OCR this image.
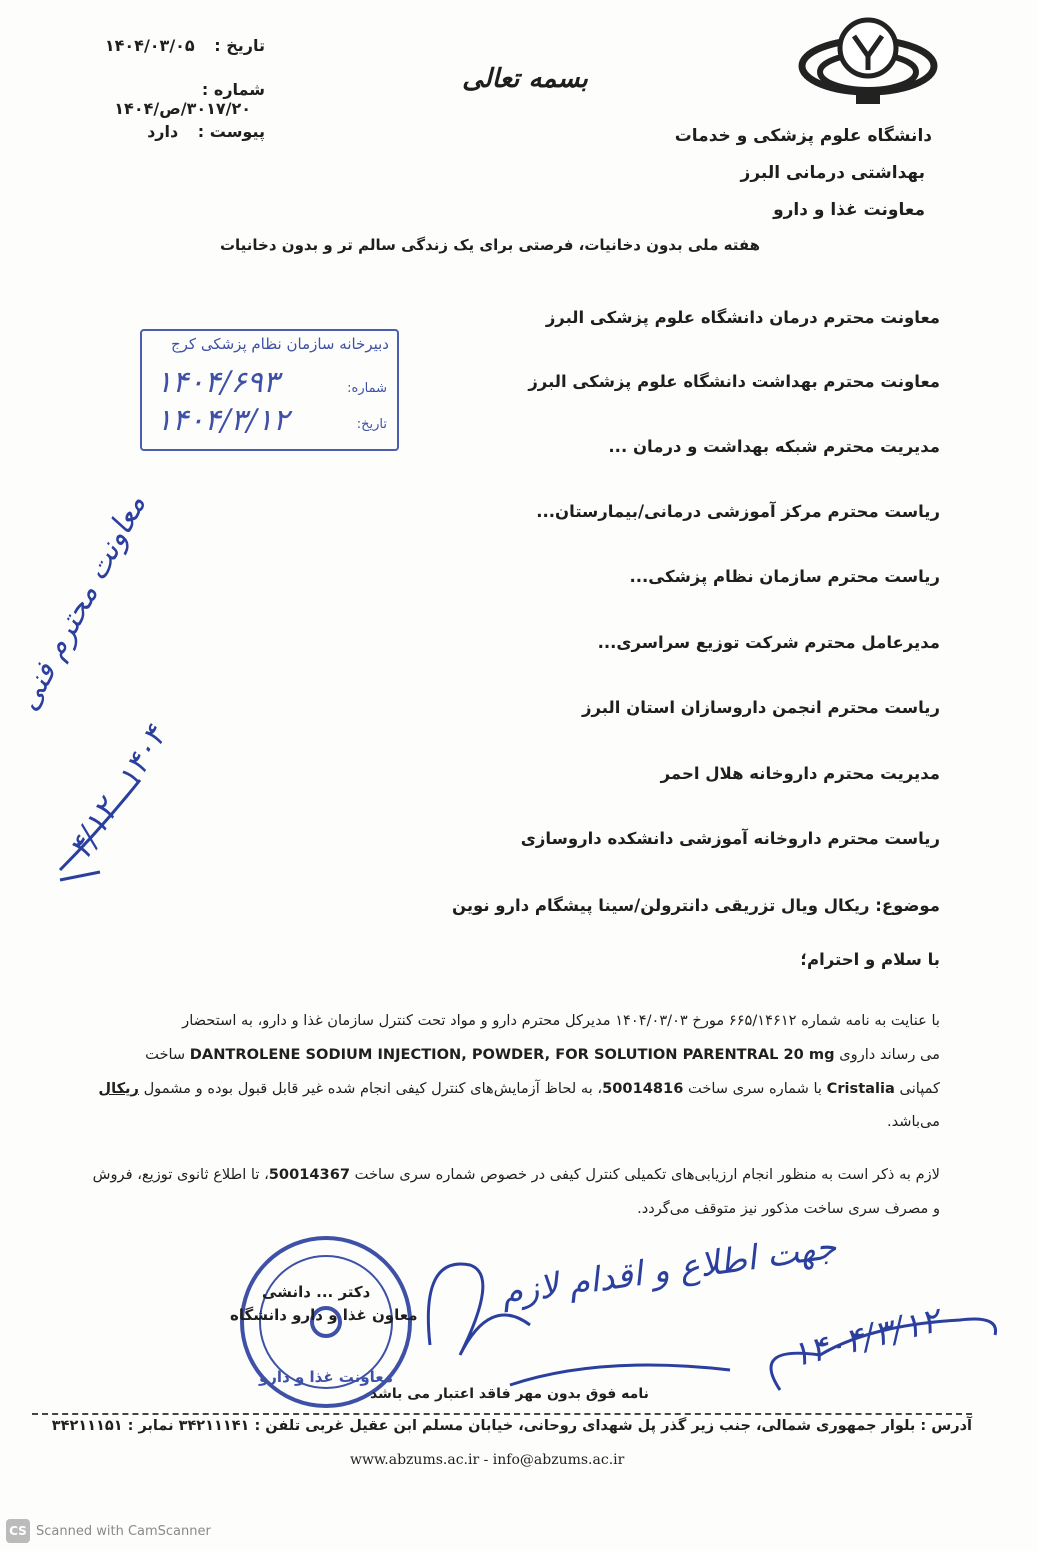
تاریخ : ۱۴۰۴/۰۳/۰۵
شماره : ۳۰۱۷/۲۰/ص/۱۴۰۴
پیوست : دارد
بسمه تعالی
دانشگاه علوم پزشکی و خدمات
بهداشتی درمانی البرز
معاونت غذا و دارو
هفته ملی بدون دخانیات، فرصتی برای یک زندگی سالم تر و بدون دخانیات
معاونت محترم درمان دانشگاه علوم پزشکی البرز
معاونت محترم بهداشت دانشگاه علوم پزشکی البرز
مدیریت محترم شبکه بهداشت و درمان ...
ریاست محترم مرکز آموزشی درمانی/بیمارستان...
ریاست محترم سازمان نظام پزشکی...
مدیرعامل محترم شرکت توزیع سراسری...
ریاست محترم انجمن داروسازان استان البرز
مدیریت محترم داروخانه هلال احمر
ریاست محترم داروخانه آموزشی دانشکده داروسازی
دبیرخانه سازمان نظام پزشکی کرج
شماره:
۱۴۰۴/۶۹۳
تاریخ:
۱۴۰۴/۳/۱۲
معاونت محترم فنی
۱۴۰۴
۴/۱۲
موضوع: ریکال ویال تزریقی دانترولن/سینا پیشگام دارو نوین
با سلام و احترام؛
با عنایت به نامه شماره ۶۶۵/۱۴۶۱۲ مورخ ۱۴۰۴/۰۳/۰۳ مدیرکل محترم دارو و مواد تحت کنترل سازمان غذا و دارو، به استحضار
می رساند داروی DANTROLENE SODIUM INJECTION, POWDER, FOR SOLUTION PARENTRAL 20 mg ساخت
کمپانی Cristalia با شماره سری ساخت 50014816، به لحاظ آزمایش‌های کنترل کیفی انجام شده غیر قابل قبول بوده و مشمول ریکال
می‌باشد.
لازم به ذکر است به منظور انجام ارزیابی‌های تکمیلی کنترل کیفی در خصوص شماره سری ساخت 50014367، تا اطلاع ثانوی توزیع، فروش
و مصرف سری ساخت مذکور نیز متوقف می‌گردد.
معاونت غذا و دارو
دکتر ... دانشی
معاون غذا و دارو دانشگاه
جهت اطلاع و اقدام لازم
۱۴۰۴/۳/۱۲
نامه فوق بدون مهر فاقد اعتبار می باشد
آدرس : بلوار جمهوری شمالی، جنب زیر گذر پل شهدای روحانی، خیابان مسلم ابن عقیل غربی تلفن : ۳۴۲۱۱۱۴۱ نمابر : ۳۴۲۱۱۱۵۱
www.abzums.ac.ir - info@abzums.ac.ir
CS Scanned with CamScanner
